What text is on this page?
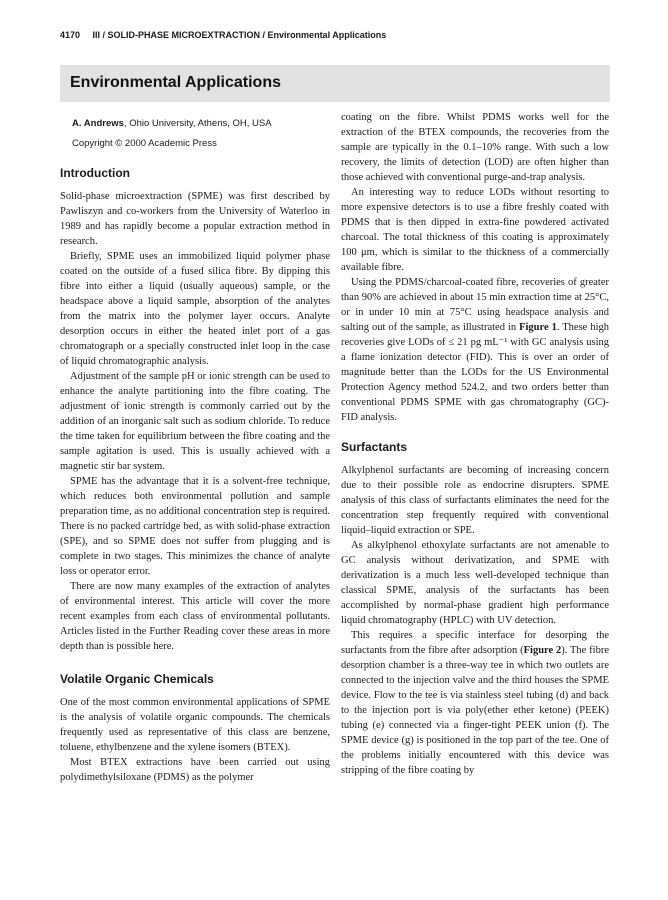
4170 III / SOLID-PHASE MICROEXTRACTION / Environmental Applications
Environmental Applications
A. Andrews, Ohio University, Athens, OH, USA
Copyright © 2000 Academic Press
Introduction

Solid-phase microextraction (SPME) was first described by Pawliszyn and co-workers from the University of Waterloo in 1989 and has rapidly become a popular extraction method in research.

Briefly, SPME uses an immobilized liquid polymer phase coated on the outside of a fused silica fibre. By dipping this fibre into either a liquid (usually aqueous) sample, or the headspace above a liquid sample, absorption of the analytes from the matrix into the polymer layer occurs. Analyte desorption occurs in either the heated inlet port of a gas chromatograph or a specially constructed inlet loop in the case of liquid chromatographic analysis.

Adjustment of the sample pH or ionic strength can be used to enhance the analyte partitioning into the fibre coating. The adjustment of ionic strength is commonly carried out by the addition of an inorganic salt such as sodium chloride. To reduce the time taken for equilibrium between the fibre coating and the sample agitation is used. This is usually achieved with a magnetic stir bar system.

SPME has the advantage that it is a solvent-free technique, which reduces both environmental pollution and sample preparation time, as no additional concentration step is required. There is no packed cartridge bed, as with solid-phase extraction (SPE), and so SPME does not suffer from plugging and is complete in two stages. This minimizes the chance of analyte loss or operator error.

There are now many examples of the extraction of analytes of environmental interest. This article will cover the more recent examples from each class of environmental pollutants. Articles listed in the Further Reading cover these areas in more depth than is possible here.

Volatile Organic Chemicals

One of the most common environmental applications of SPME is the analysis of volatile organic compounds. The chemicals frequently used as representative of this class are benzene, toluene, ethylbenzene and the xylene isomers (BTEX).

Most BTEX extractions have been carried out using polydimethylsiloxane (PDMS) as the polymer

coating on the fibre. Whilst PDMS works well for the extraction of the BTEX compounds, the recoveries from the sample are typically in the 0.1–10% range. With such a low recovery, the limits of detection (LOD) are often higher than those achieved with conventional purge-and-trap analysis.

An interesting way to reduce LODs without resorting to more expensive detectors is to use a fibre freshly coated with PDMS that is then dipped in extra-fine powdered activated charcoal. The total thickness of this coating is approximately 100 μm, which is similar to the thickness of a commercially available fibre.

Using the PDMS/charcoal-coated fibre, recoveries of greater than 90% are achieved in about 15 min extraction time at 25°C, or in under 10 min at 75°C using headspace analysis and salting out of the sample, as illustrated in Figure 1. These high recoveries give LODs of ≤ 21 pg mL⁻¹ with GC analysis using a flame ionization detector (FID). This is over an order of magnitude better than the LODs for the US Environmental Protection Agency method 524.2, and two orders better than conventional PDMS SPME with gas chromatography (GC)-FID analysis.

Surfactants

Alkylphenol surfactants are becoming of increasing concern due to their possible role as endocrine disrupters. SPME analysis of this class of surfactants eliminates the need for the concentration step frequently required with conventional liquid–liquid extraction or SPE.

As alkylphenol ethoxylate surfactants are not amenable to GC analysis without derivatization, and SPME with derivatization is a much less well-developed technique than classical SPME, analysis of the surfactants has been accomplished by normal-phase gradient high performance liquid chromatography (HPLC) with UV detection.

This requires a specific interface for desorping the surfactants from the fibre after adsorption (Figure 2). The fibre desorption chamber is a three-way tee in which two outlets are connected to the injection valve and the third houses the SPME device. Flow to the tee is via stainless steel tubing (d) and back to the injection port is via poly(ether ether ketone) (PEEK) tubing (e) connected via a finger-tight PEEK union (f). The SPME device (g) is positioned in the top part of the tee. One of the problems initially encountered with this device was stripping of the fibre coating by
